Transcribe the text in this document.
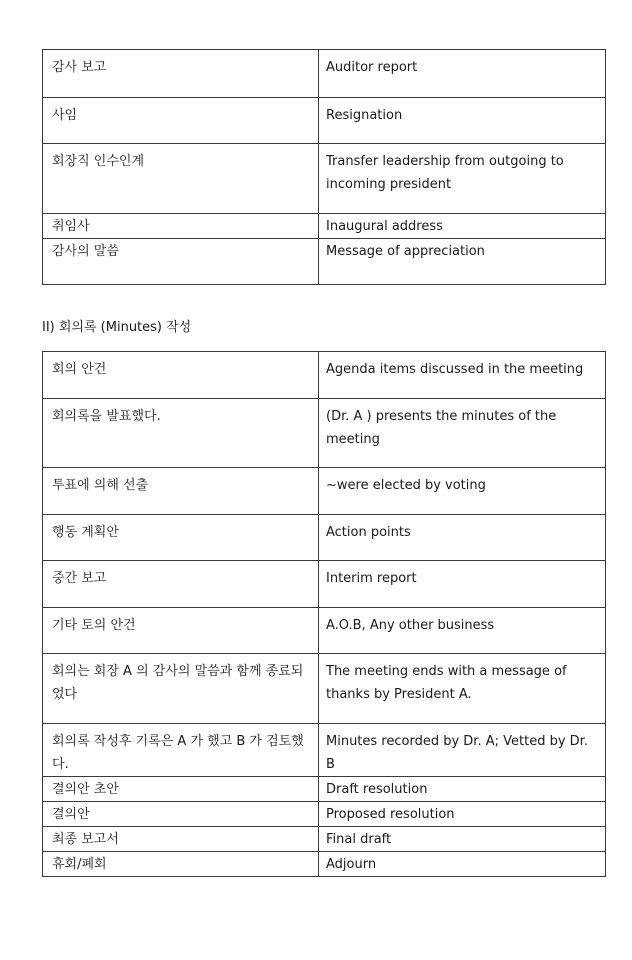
감사 보고	Auditor report
사임	Resignation
회장직 인수인계	Transfer leadership from outgoing to incoming president
취임사	Inaugural address
감사의 말씀	Message of appreciation
II) 회의록 (Minutes) 작성
회의 안건	Agenda items discussed in the meeting
회의록을 발표했다.	(Dr. A ) presents the minutes of the meeting
투표에 의해 선출	~were elected by voting
행동 계획안	Action points
중간 보고	Interim report
기타 토의 안건	A.O.B, Any other business
회의는 회장 A 의 감사의 말씀과 함께 종료되었다	The meeting ends with a message of thanks by President A.
회의록 작성후 기록은 A 가 했고 B 가 검토했다.	Minutes recorded by Dr. A; Vetted by Dr. B
결의안 초안	Draft resolution
결의안	Proposed resolution
최종 보고서	Final draft
휴회/폐회	Adjourn
